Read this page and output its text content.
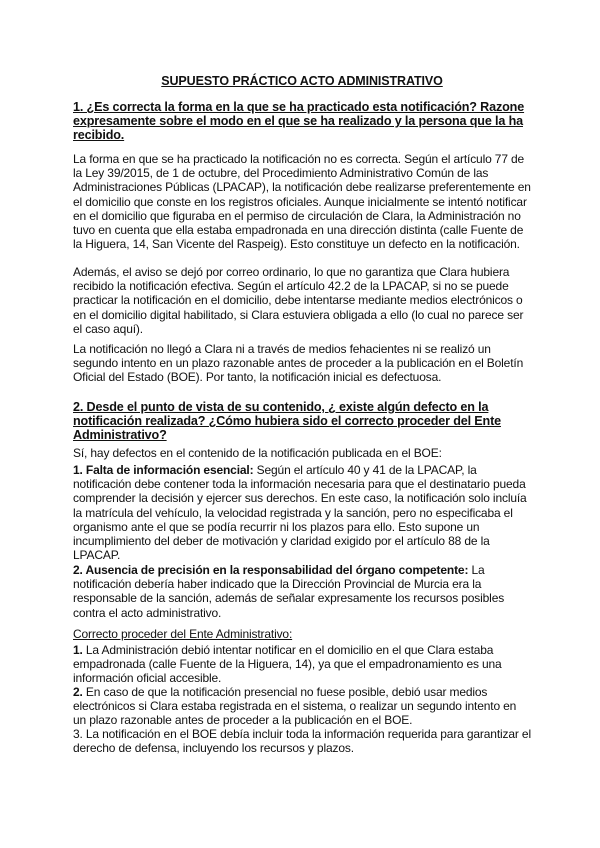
SUPUESTO PRÁCTICO ACTO ADMINISTRATIVO
1. ¿Es correcta la forma en la que se ha practicado esta notificación? Razone expresamente sobre el modo en el que se ha realizado y la persona que la ha recibido.

La forma en que se ha practicado la notificación no es correcta. Según el artículo 77 de la Ley 39/2015, de 1 de octubre, del Procedimiento Administrativo Común de las Administraciones Públicas (LPACAP), la notificación debe realizarse preferentemente en el domicilio que conste en los registros oficiales. Aunque inicialmente se intentó notificar en el domicilio que figuraba en el permiso de circulación de Clara, la Administración no tuvo en cuenta que ella estaba empadronada en una dirección distinta (calle Fuente de la Higuera, 14, San Vicente del Raspeig). Esto constituye un defecto en la notificación.

Además, el aviso se dejó por correo ordinario, lo que no garantiza que Clara hubiera recibido la notificación efectiva. Según el artículo 42.2 de la LPACAP, si no se puede practicar la notificación en el domicilio, debe intentarse mediante medios electrónicos o en el domicilio digital habilitado, si Clara estuviera obligada a ello (lo cual no parece ser el caso aquí).

La notificación no llegó a Clara ni a través de medios fehacientes ni se realizó un segundo intento en un plazo razonable antes de proceder a la publicación en el Boletín Oficial del Estado (BOE). Por tanto, la notificación inicial es defectuosa.

2. Desde el punto de vista de su contenido, ¿ existe algún defecto en la notificación realizada? ¿Cómo hubiera sido el correcto proceder del Ente Administrativo?

Sí, hay defectos en el contenido de la notificación publicada en el BOE:

1. Falta de información esencial: Según el artículo 40 y 41 de la LPACAP, la notificación debe contener toda la información necesaria para que el destinatario pueda comprender la decisión y ejercer sus derechos. En este caso, la notificación solo incluía la matrícula del vehículo, la velocidad registrada y la sanción, pero no especificaba el organismo ante el que se podía recurrir ni los plazos para ello. Esto supone un incumplimiento del deber de motivación y claridad exigido por el artículo 88 de la LPACAP.

2. Ausencia de precisión en la responsabilidad del órgano competente: La notificación debería haber indicado que la Dirección Provincial de Murcia era la responsable de la sanción, además de señalar expresamente los recursos posibles contra el acto administrativo.

Correcto proceder del Ente Administrativo:

1. La Administración debió intentar notificar en el domicilio en el que Clara estaba empadronada (calle Fuente de la Higuera, 14), ya que el empadronamiento es una información oficial accesible.

2. En caso de que la notificación presencial no fuese posible, debió usar medios electrónicos si Clara estaba registrada en el sistema, o realizar un segundo intento en un plazo razonable antes de proceder a la publicación en el BOE.

3. La notificación en el BOE debía incluir toda la información requerida para garantizar el derecho de defensa, incluyendo los recursos y plazos.
